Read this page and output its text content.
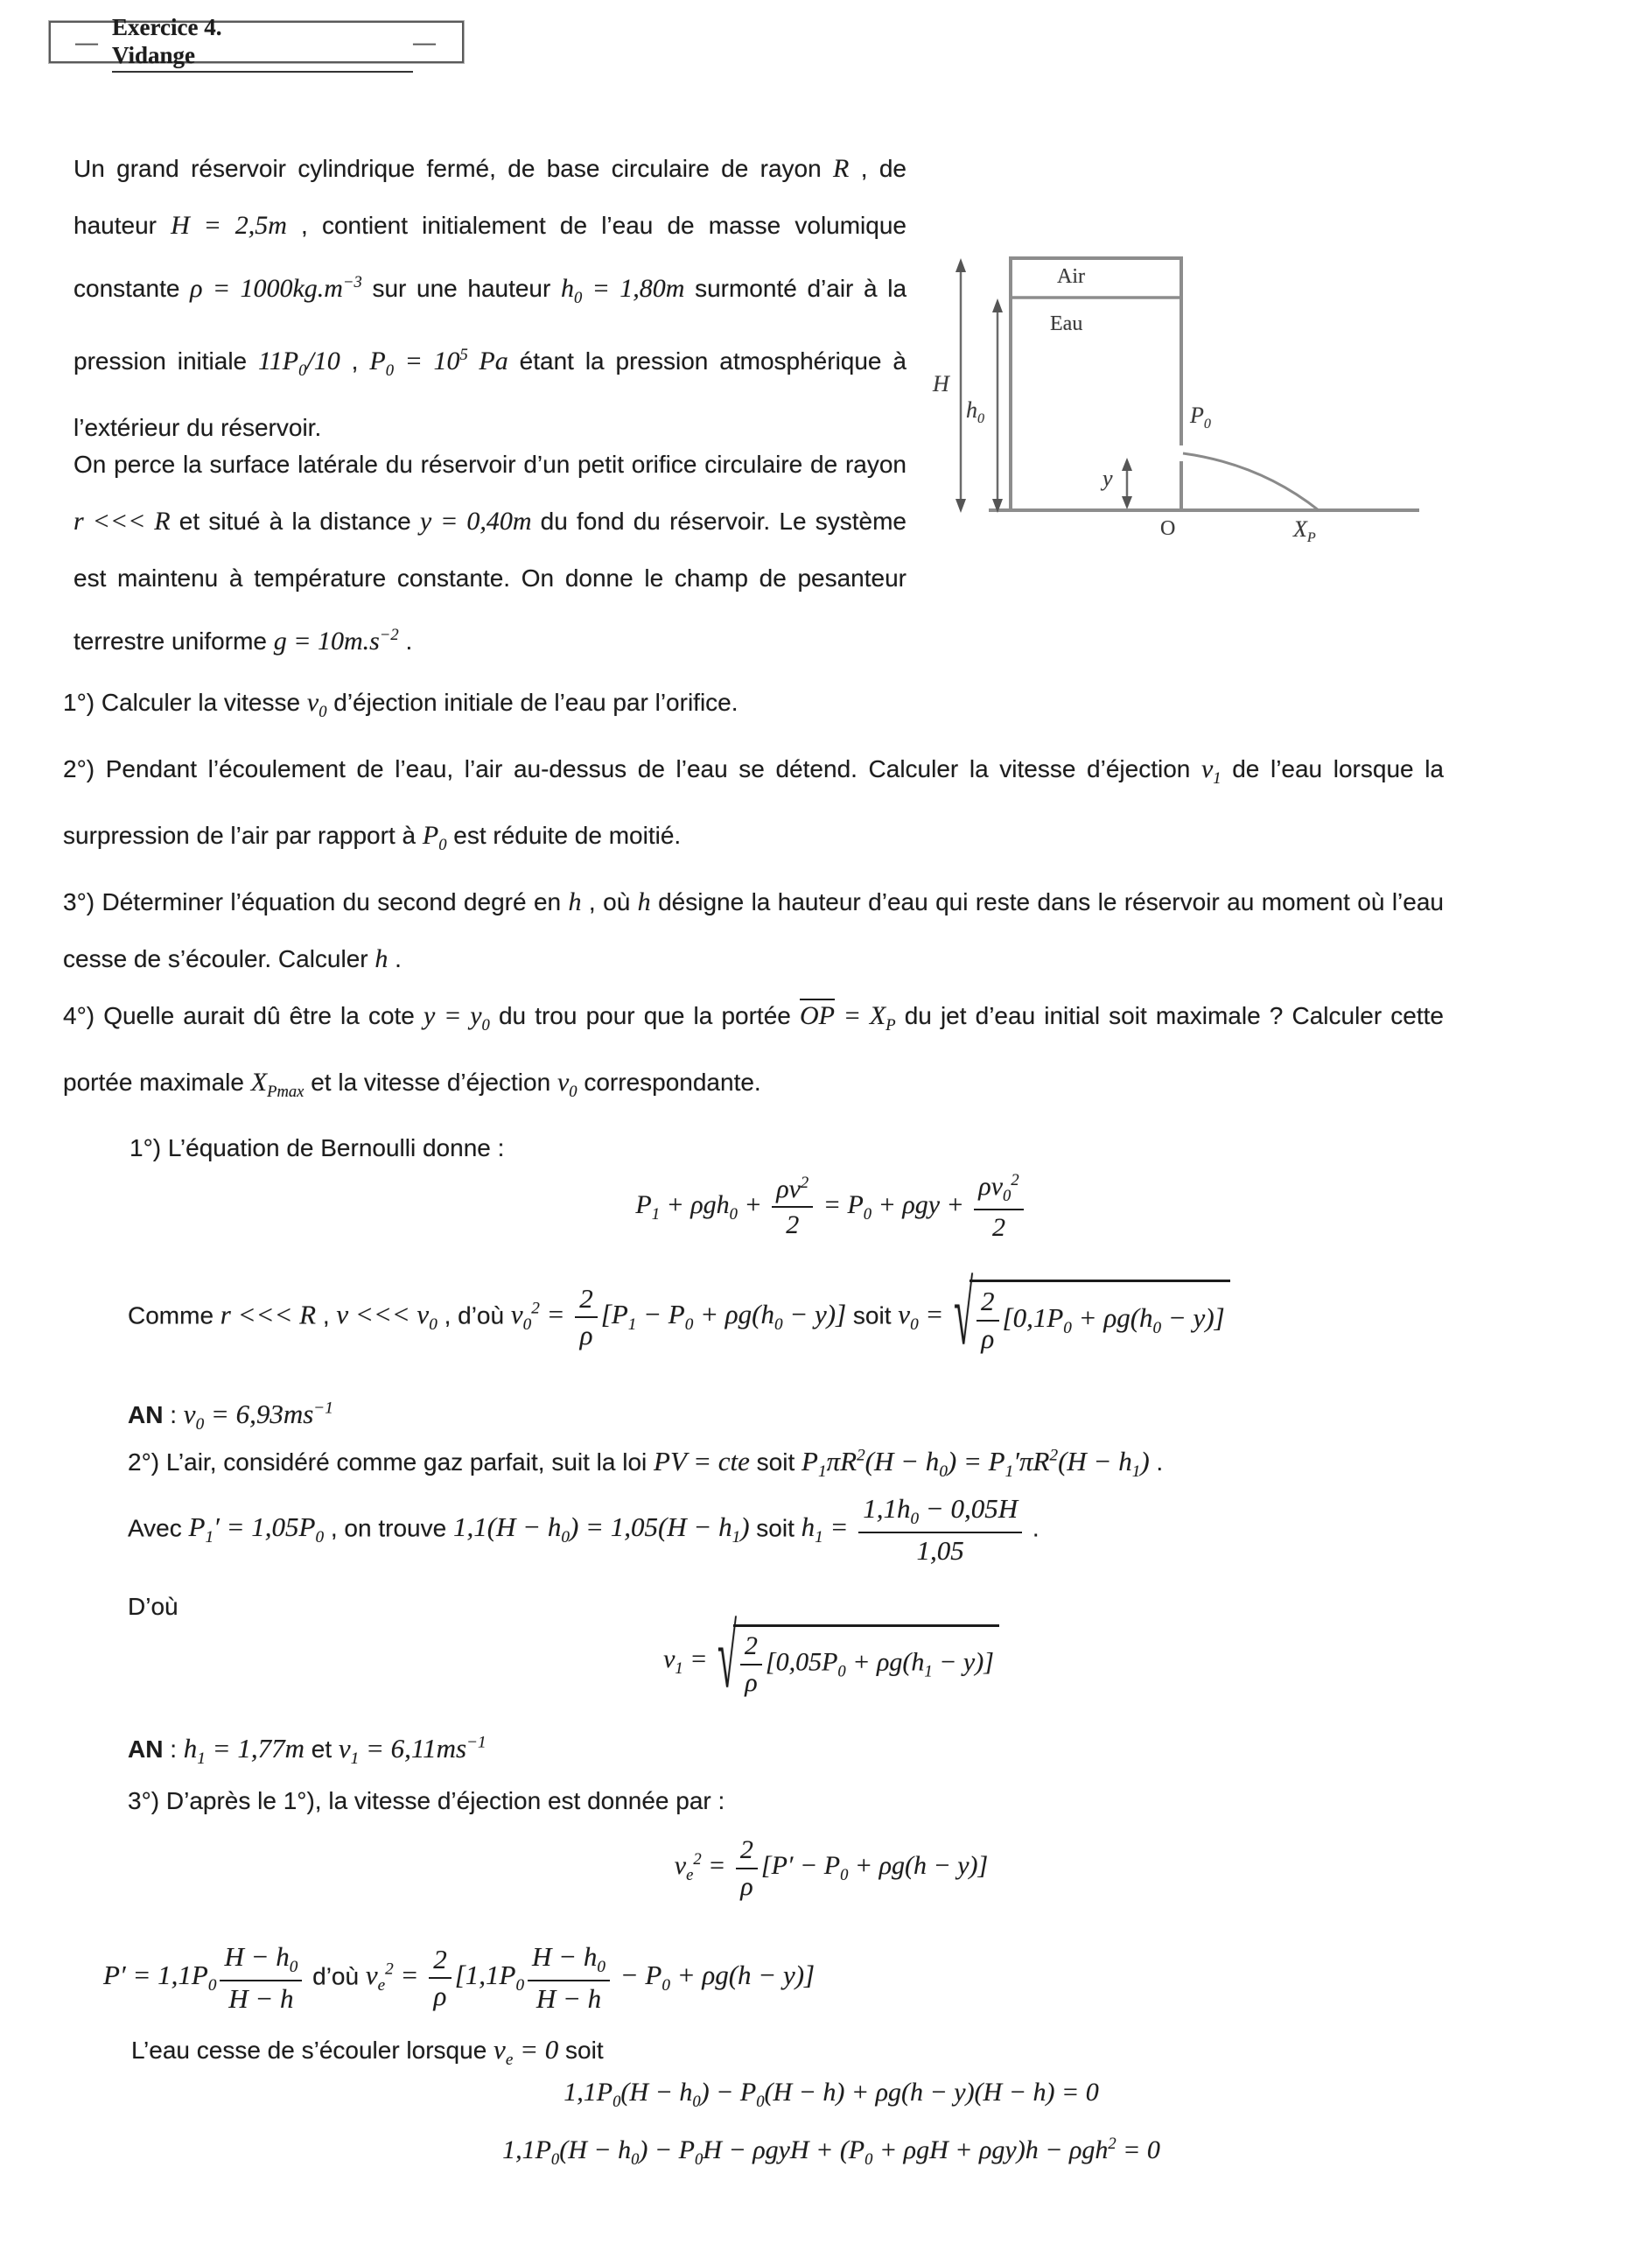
—
Exercice 4. Vidange
—
Un grand réservoir cylindrique fermé, de base circulaire de rayon R , de hauteur H = 2,5m , contient initialement de l’eau de masse volumique constante $\rho = 1000kg.m^{-3}$ sur une hauteur $h_0 = 1,80m$ surmonté d’air à la pression initiale $11P_0/10$ , $P_0 = 10^5$ Pa étant la pression atmosphérique à l’extérieur du réservoir.
On perce la surface latérale du réservoir d’un petit orifice circulaire de rayon r <<< R et situé à la distance y = 0,40m du fond du réservoir. Le système est maintenu à température constante. On donne le champ de pesanteur terrestre uniforme $g = 10m.s^{-2}$ .
Air
Eau
H
$h_0$
y
$P_0$
O	$X_P$
1°) Calculer la vitesse $v_0$ d’éjection initiale de l’eau par l’orifice.
2°) Pendant l’écoulement de l’eau, l’air au-dessus de l’eau se détend. Calculer la vitesse d’éjection $v_1$ de l’eau lorsque la surpression de l’air par rapport à $P_0$ est réduite de moitié.
3°) Déterminer l’équation du second degré en h , où h désigne la hauteur d’eau qui reste dans le réservoir au moment où l’eau cesse de s’écouler. Calculer h .
4°) Quelle aurait dû être la cote $y = y_0$ du trou pour que la portée OP = $X_P$ du jet d’eau initial soit maximale ? Calculer cette portée maximale $X_{Pmax}$ et la vitesse d’éjection $v_0$ correspondante.
1°) L’équation de Bernoulli donne :
$P_1 + \rho gh_0 + \frac{\rho v^2}{2} = P_0 + \rho gy + \frac{\rho v_0^2}{2}$
Comme r <<< R , v <<< $v_0$ , d’où $v_0^2 = \frac{2}{\rho} [P_1 - P_0 + \rho g(h_0 - y)]$ soit $v_0$ = √ $\frac{2}{\rho} [0,1P_0 + \rho g(h_0 - y)]$
AN : $v_0 = 6,93ms^{-1}$
2°) L’air, considéré comme gaz parfait, suit la loi PV = cte soit $P_1\pi R^2(H - h_0) = P_1'\pi R^2(H - h_1)$ .
Avec $P_1' = 1,05P_0$ , on trouve $1,1(H - h_0) = 1,05(H - h_1)$ soit $h_1 = \frac{1,1h_0 - 0,05H}{1,05}$ .
D’où
$v_1$ = √ $\frac{2}{\rho} [0,05P_0 + \rho g(h_1 - y)]$
AN : $h_1 = 1,77m$ et $v_1 = 6,11ms^{-1}$
3°) D’après le 1°), la vitesse d’éjection est donnée par :
$v_e^2 = \frac{2}{\rho} [P' - P_0 + \rho g(h - y)]$
$P' = 1,1P_0 \frac{H - h_0}{H - h}$ d’où $v_e^2 = \frac{2}{\rho} [1,1P_0 \frac{H - h_0}{H - h} - P_0 + \rho g(h - y)]$
L’eau cesse de s’écouler lorsque $v_e = 0$ soit
$1,1P_0(H - h_0) - P_0(H - h) + \rho g(h - y)(H - h) = 0$
$1,1P_0(H - h_0) - P_0H - \rho gyH + (P_0 + \rho gH + \rho gy)h - \rho gh^2 = 0$
